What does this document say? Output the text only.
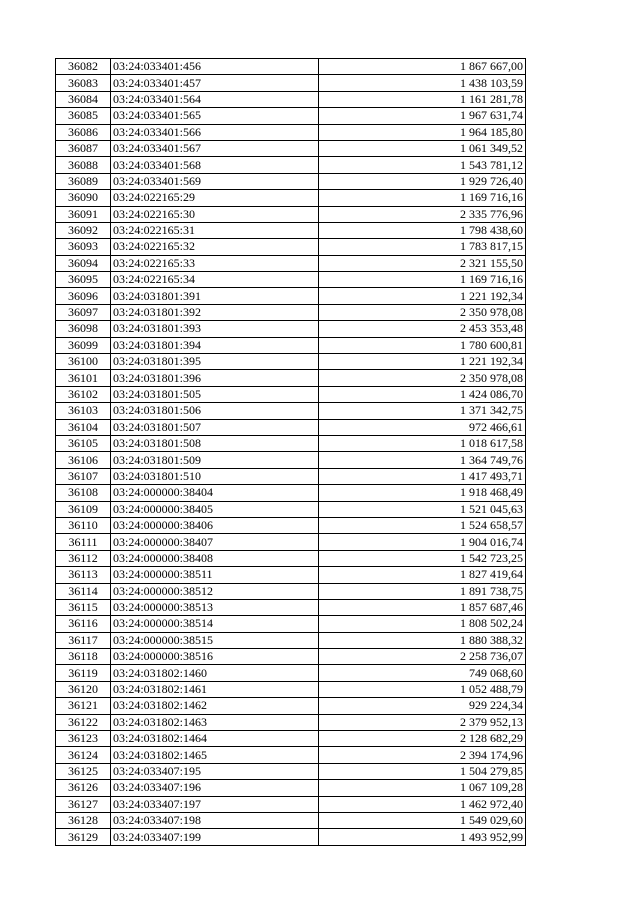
36082	03:24:033401:456	1 867 667,00
36083	03:24:033401:457	1 438 103,59
36084	03:24:033401:564	1 161 281,78
36085	03:24:033401:565	1 967 631,74
36086	03:24:033401:566	1 964 185,80
36087	03:24:033401:567	1 061 349,52
36088	03:24:033401:568	1 543 781,12
36089	03:24:033401:569	1 929 726,40
36090	03:24:022165:29	1 169 716,16
36091	03:24:022165:30	2 335 776,96
36092	03:24:022165:31	1 798 438,60
36093	03:24:022165:32	1 783 817,15
36094	03:24:022165:33	2 321 155,50
36095	03:24:022165:34	1 169 716,16
36096	03:24:031801:391	1 221 192,34
36097	03:24:031801:392	2 350 978,08
36098	03:24:031801:393	2 453 353,48
36099	03:24:031801:394	1 780 600,81
36100	03:24:031801:395	1 221 192,34
36101	03:24:031801:396	2 350 978,08
36102	03:24:031801:505	1 424 086,70
36103	03:24:031801:506	1 371 342,75
36104	03:24:031801:507	972 466,61
36105	03:24:031801:508	1 018 617,58
36106	03:24:031801:509	1 364 749,76
36107	03:24:031801:510	1 417 493,71
36108	03:24:000000:38404	1 918 468,49
36109	03:24:000000:38405	1 521 045,63
36110	03:24:000000:38406	1 524 658,57
36111	03:24:000000:38407	1 904 016,74
36112	03:24:000000:38408	1 542 723,25
36113	03:24:000000:38511	1 827 419,64
36114	03:24:000000:38512	1 891 738,75
36115	03:24:000000:38513	1 857 687,46
36116	03:24:000000:38514	1 808 502,24
36117	03:24:000000:38515	1 880 388,32
36118	03:24:000000:38516	2 258 736,07
36119	03:24:031802:1460	749 068,60
36120	03:24:031802:1461	1 052 488,79
36121	03:24:031802:1462	929 224,34
36122	03:24:031802:1463	2 379 952,13
36123	03:24:031802:1464	2 128 682,29
36124	03:24:031802:1465	2 394 174,96
36125	03:24:033407:195	1 504 279,85
36126	03:24:033407:196	1 067 109,28
36127	03:24:033407:197	1 462 972,40
36128	03:24:033407:198	1 549 029,60
36129	03:24:033407:199	1 493 952,99
